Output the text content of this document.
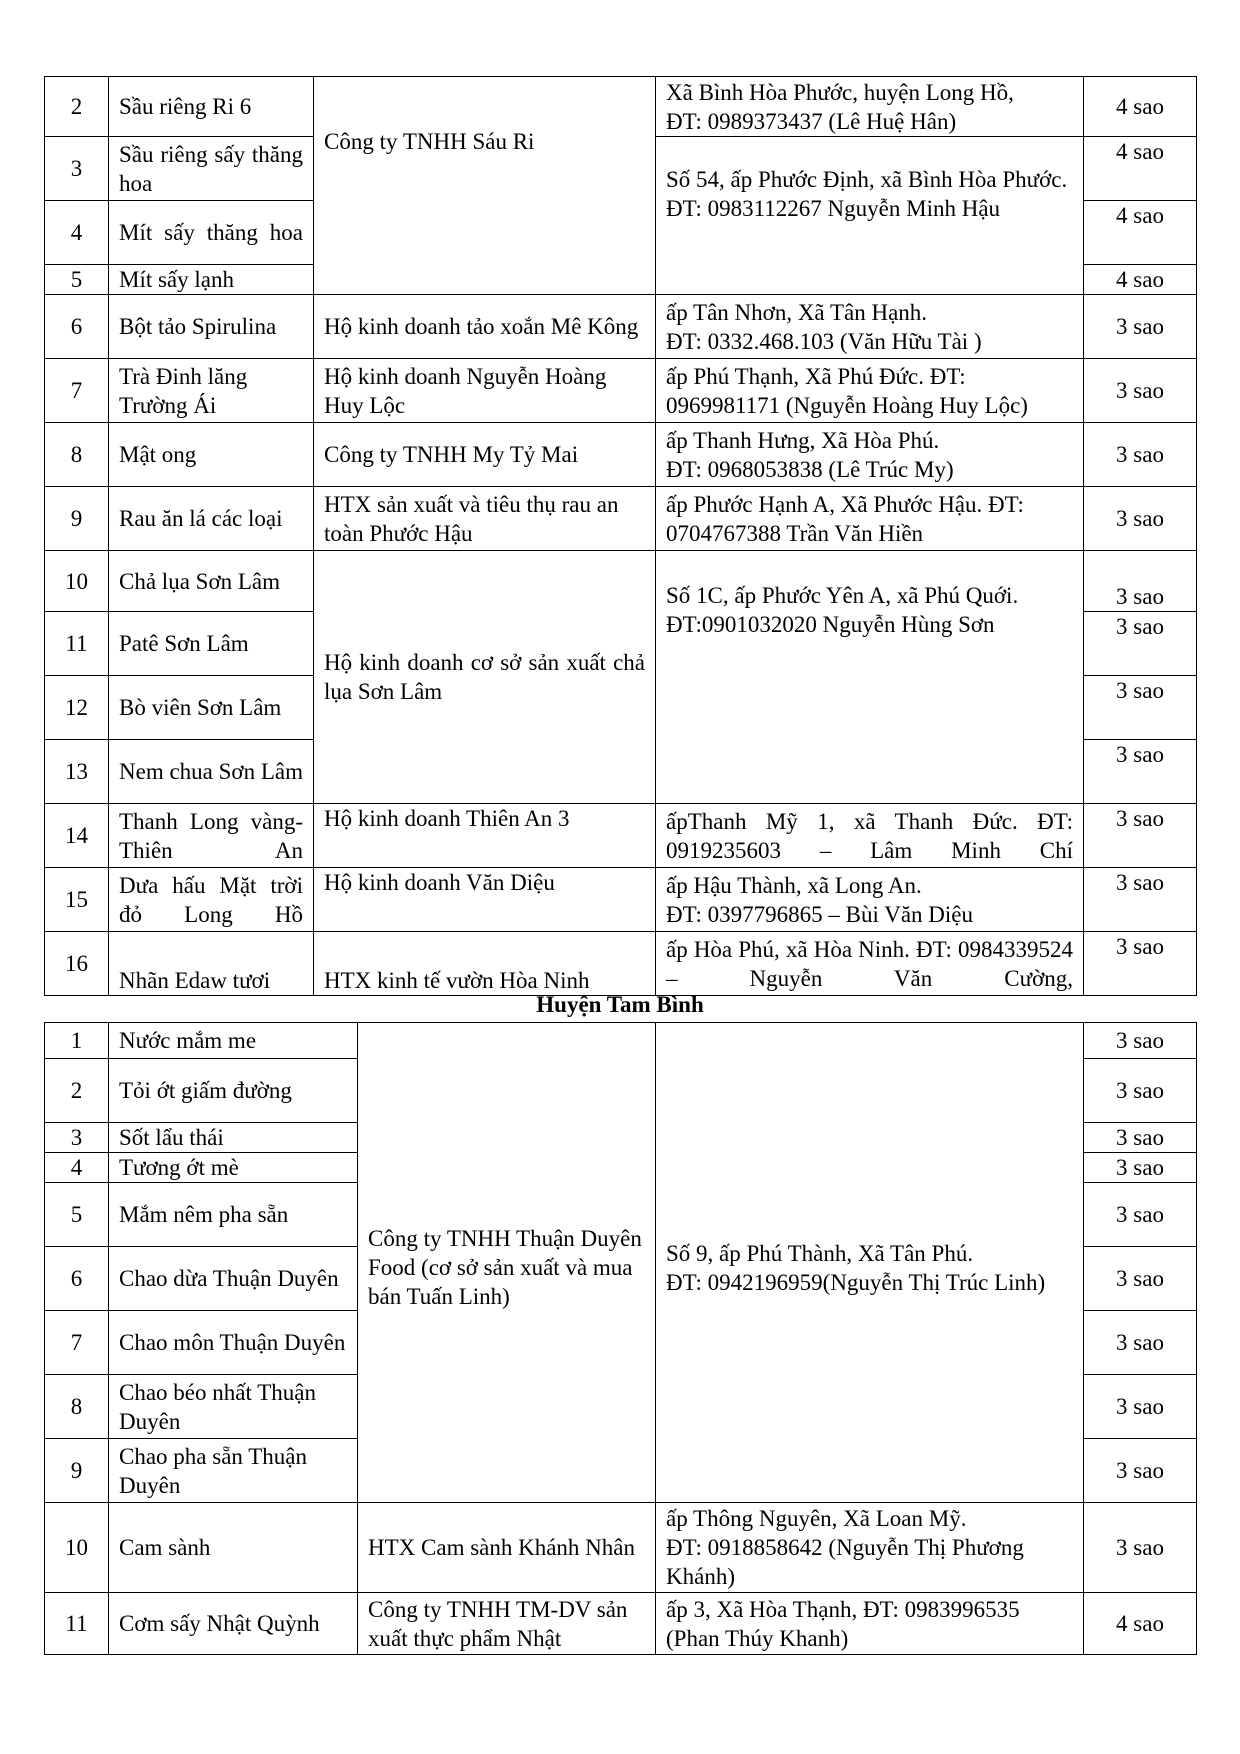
2	Sầu riêng Ri 6	Công ty TNHH Sáu Ri	Xã Bình Hòa Phước, huyện Long Hồ,
ĐT: 0989373437 (Lê Huệ Hân)	4 sao
3	Sầu riêng sấy thăng hoa		Số 54, ấp Phước Định, xã Bình Hòa Phước.
ĐT: 0983112267 Nguyễn Minh Hậu	4 sao
4	Mít sấy thăng hoa			4 sao
5	Mít sấy lạnh			4 sao
6	Bột tảo Spirulina	Hộ kinh doanh tảo xoắn Mê Kông	ấp Tân Nhơn, Xã Tân Hạnh.
ĐT: 0332.468.103 (Văn Hữu Tài )	3 sao
7	Trà Đinh lăng Trường Ái	Hộ kinh doanh Nguyễn Hoàng Huy Lộc	ấp Phú Thạnh, Xã Phú Đức. ĐT: 0969981171 (Nguyễn Hoàng Huy Lộc)	3 sao
8	Mật ong	Công ty TNHH My Tỷ Mai	ấp Thanh Hưng, Xã Hòa Phú.
ĐT: 0968053838 (Lê Trúc My)	3 sao
9	Rau ăn lá các loại	HTX sản xuất và tiêu thụ rau an toàn Phước Hậu	ấp Phước Hạnh A, Xã Phước Hậu. ĐT: 0704767388 Trần Văn Hiền	3 sao
10	Chả lụa Sơn Lâm	Hộ kinh doanh cơ sở sản xuất chả lụa Sơn Lâm	Số 1C, ấp Phước Yên A, xã Phú Quới.
ĐT:0901032020 Nguyễn Hùng Sơn	3 sao
11	Patê Sơn Lâm			3 sao
12	Bò viên Sơn Lâm			3 sao
13	Nem chua Sơn Lâm			3 sao
14	Thanh Long vàng- Thiên An	Hộ kinh doanh Thiên An 3	ấpThanh Mỹ 1, xã Thanh Đức. ĐT: 0919235603 – Lâm Minh Chí	3 sao
15	Dưa hấu Mặt trời đỏ Long Hồ	Hộ kinh doanh Văn Diệu	ấp Hậu Thành, xã Long An.
ĐT: 0397796865 – Bùi Văn Diệu	3 sao
16	Nhãn Edaw tươi	HTX kinh tế vườn Hòa Ninh	ấp Hòa Phú, xã Hòa Ninh. ĐT: 0984339524 – Nguyễn Văn Cường,	3 sao
Huyện Tam Bình
1	Nước mắm me	Công ty TNHH Thuận Duyên Food (cơ sở sản xuất và mua bán Tuấn Linh)	Số 9, ấp Phú Thành, Xã Tân Phú.
ĐT: 0942196959(Nguyễn Thị Trúc Linh)	3 sao
2	Tỏi ớt giấm đường			3 sao
3	Sốt lẩu thái			3 sao
4	Tương ớt mè			3 sao
5	Mắm nêm pha sẵn			3 sao
6	Chao dừa Thuận Duyên			3 sao
7	Chao môn Thuận Duyên			3 sao
8	Chao béo nhất Thuận Duyên			3 sao
9	Chao pha sẵn Thuận Duyên			3 sao
10	Cam sành	HTX Cam sành Khánh Nhân	ấp Thông Nguyên, Xã Loan Mỹ.
ĐT: 0918858642 (Nguyễn Thị Phương Khánh)	3 sao
11	Cơm sấy Nhật Quỳnh	Công ty TNHH TM-DV sản xuất thực phẩm Nhật	ấp 3, Xã Hòa Thạnh, ĐT: 0983996535 (Phan Thúy Khanh)	4 sao
